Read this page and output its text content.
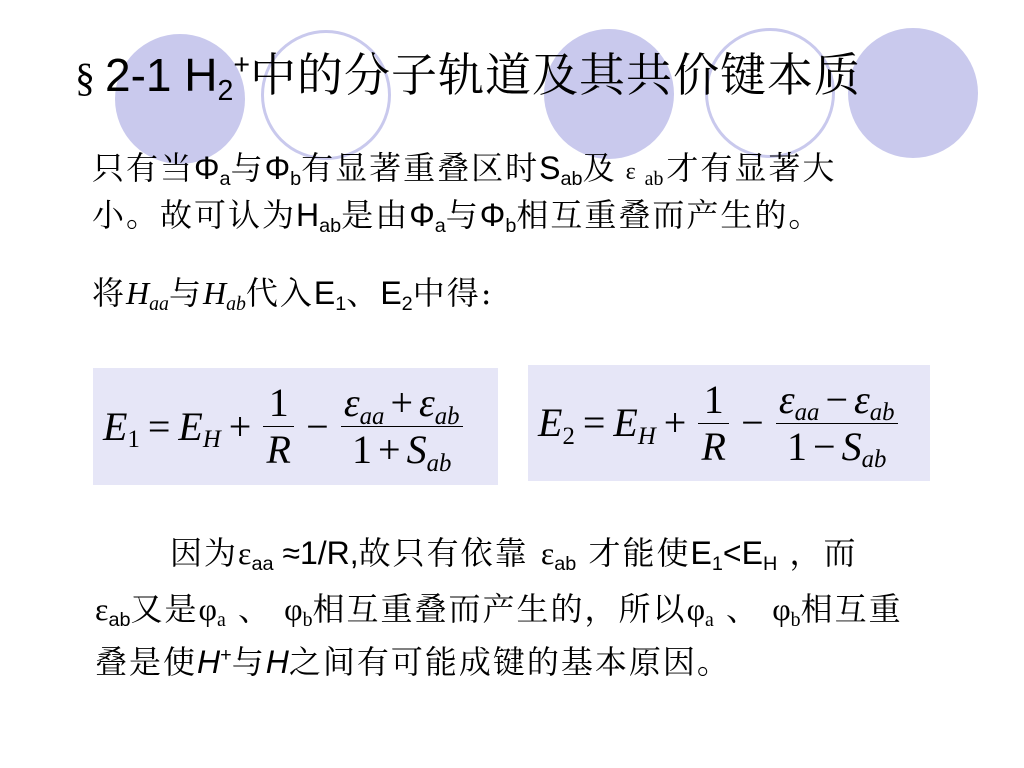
§ 2-1 H 2
+ 中的分子轨道及其共价键本质
只有当 Φ a 与 Φ b 有显著重叠区时 S ab 及 ε ab 才有显著大
小。故可认为 H ab 是由 Φ a 与 Φ b 相互重叠而产生的。
将 H aa 与 H ab 代入 E 1 、 E 2 中得:
E 1 = E $H + \frac{1}{R}$ −
ε aa + ε ab
1 + S ab
E 2 = E $H + \frac{1}{R}$ −
ε aa − ε ab
1 − S ab
因为 ε aa ≈1/R, 故只有依靠 ε ab 才能使 E 1 <E H ，而
ε ab 又是 φ a 、 φ b 相互重叠而产生的，所以 φ a 、 φ b 相互重
叠是使 H + 与 H 之间有可能成键的基本原因。
